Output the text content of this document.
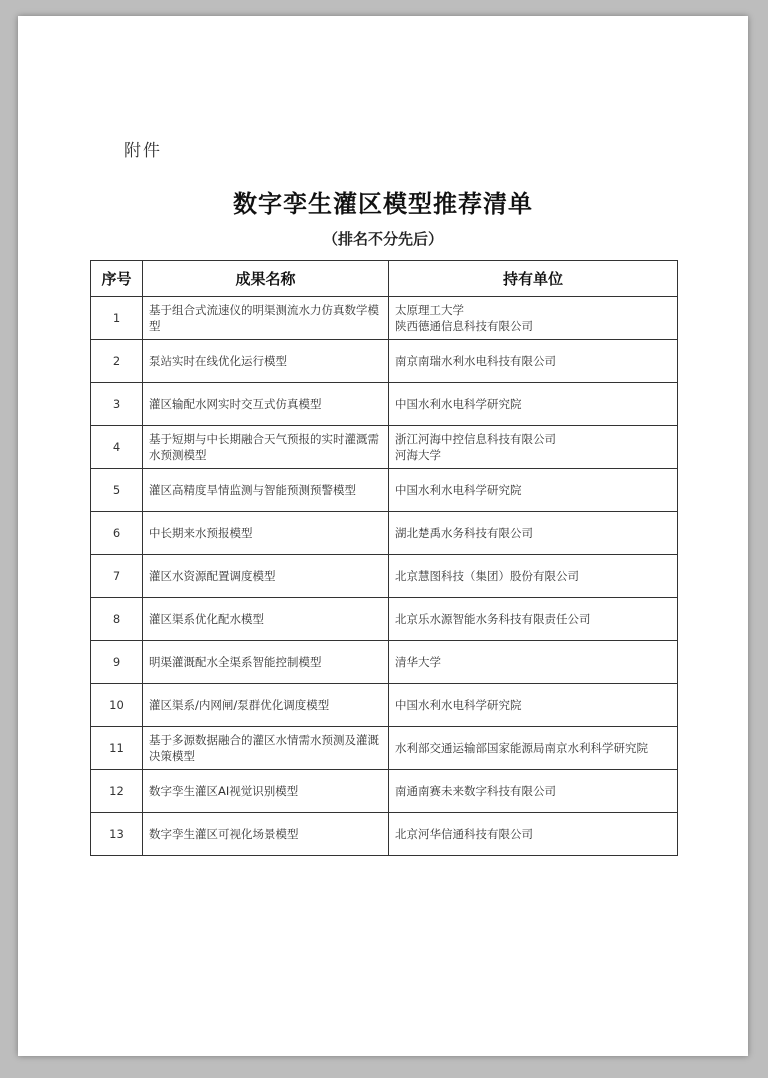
附件
数字孪生灌区模型推荐清单
（排名不分先后）
序号	成果名称	持有单位
1	基于组合式流速仪的明渠测流水力仿真数学模型	太原理工大学
陕西德通信息科技有限公司

2	泵站实时在线优化运行模型	南京南瑞水利水电科技有限公司

3	灌区输配水网实时交互式仿真模型	中国水利水电科学研究院

4	基于短期与中长期融合天气预报的实时灌溉需水预测模型	浙江河海中控信息科技有限公司
河海大学

5	灌区高精度旱情监测与智能预测预警模型	中国水利水电科学研究院

6	中长期来水预报模型	湖北楚禹水务科技有限公司

7	灌区水资源配置调度模型	北京慧图科技（集团）股份有限公司

8	灌区渠系优化配水模型	北京乐水源智能水务科技有限责任公司

9	明渠灌溉配水全渠系智能控制模型	清华大学

10	灌区渠系/内网闸/泵群优化调度模型	中国水利水电科学研究院

11	基于多源数据融合的灌区水情需水预测及灌溉决策模型	水利部交通运输部国家能源局南京水利科学研究院

12	数字孪生灌区AI视觉识别模型	南通南赛未来数字科技有限公司

13	数字孪生灌区可视化场景模型	北京河华信通科技有限公司
